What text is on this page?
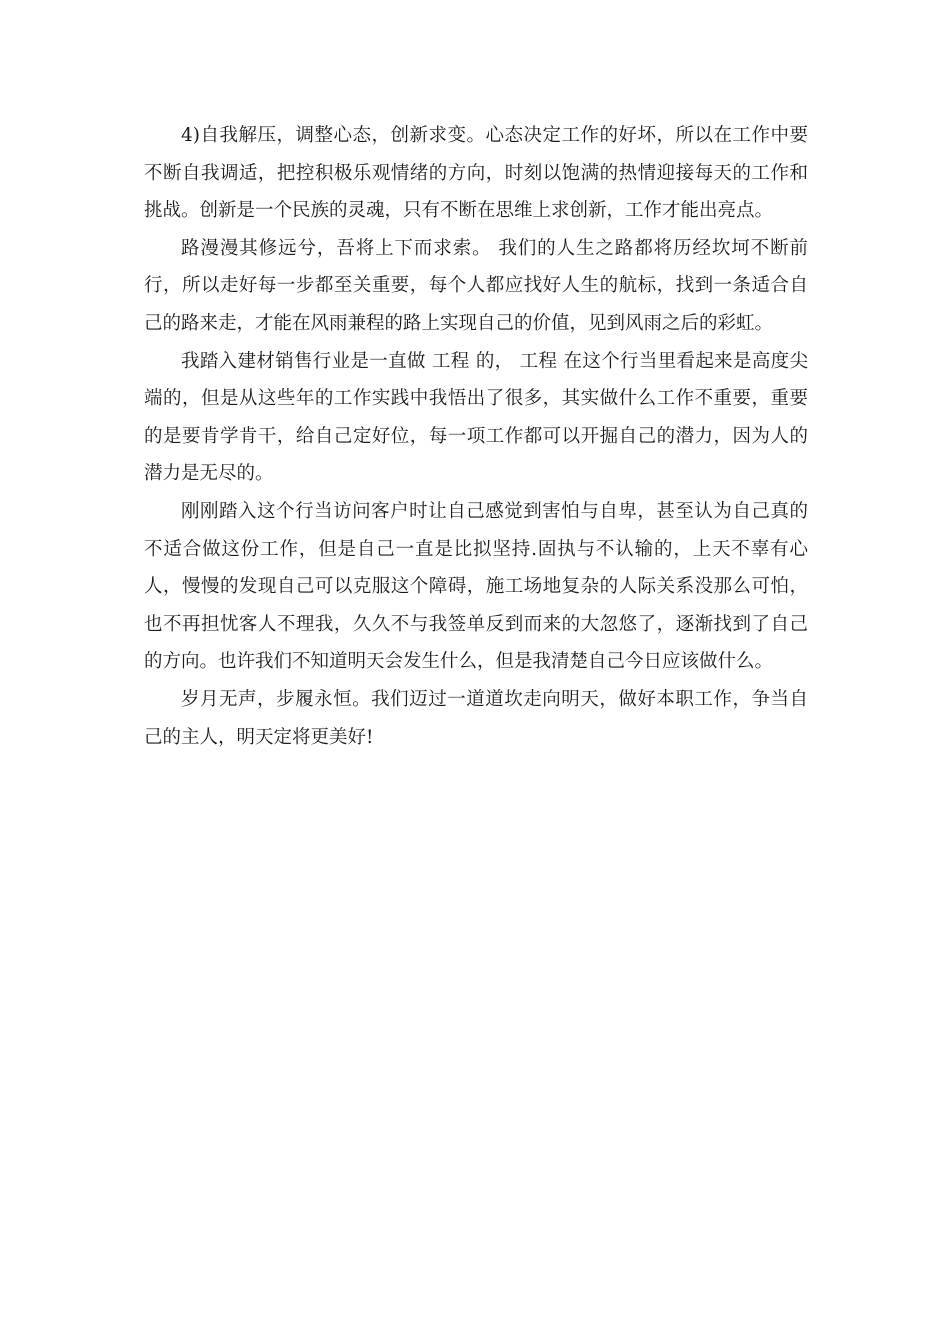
4)自我解压，调整心态，创新求变。心态决定工作的好坏，所以在工作中要不断自我调适，把控积极乐观情绪的方向，时刻以饱满的热情迎接每天的工作和挑战。创新是一个民族的灵魂，只有不断在思维上求创新，工作才能出亮点。

路漫漫其修远兮，吾将上下而求索。 我们的人生之路都将历经坎坷不断前行，所以走好每一步都至关重要，每个人都应找好人生的航标，找到一条适合自己的路来走，才能在风雨兼程的路上实现自己的价值，见到风雨之后的彩虹。

我踏入建材销售行业是一直做 工程 的， 工程 在这个行当里看起来是高度尖端的，但是从这些年的工作实践中我悟出了很多，其实做什么工作不重要，重要的是要肯学肯干，给自己定好位，每一项工作都可以开掘自己的潜力，因为人的潜力是无尽的。

刚刚踏入这个行当访问客户时让自己感觉到害怕与自卑，甚至认为自己真的不适合做这份工作，但是自己一直是比拟坚持.固执与不认输的，上天不辜有心人，慢慢的发现自己可以克服这个障碍，施工场地复杂的人际关系没那么可怕，也不再担忧客人不理我，久久不与我签单反到而来的大忽悠了，逐渐找到了自己的方向。也许我们不知道明天会发生什么，但是我清楚自己今日应该做什么。

岁月无声，步履永恒。我们迈过一道道坎走向明天，做好本职工作，争当自己的主人，明天定将更美好!
